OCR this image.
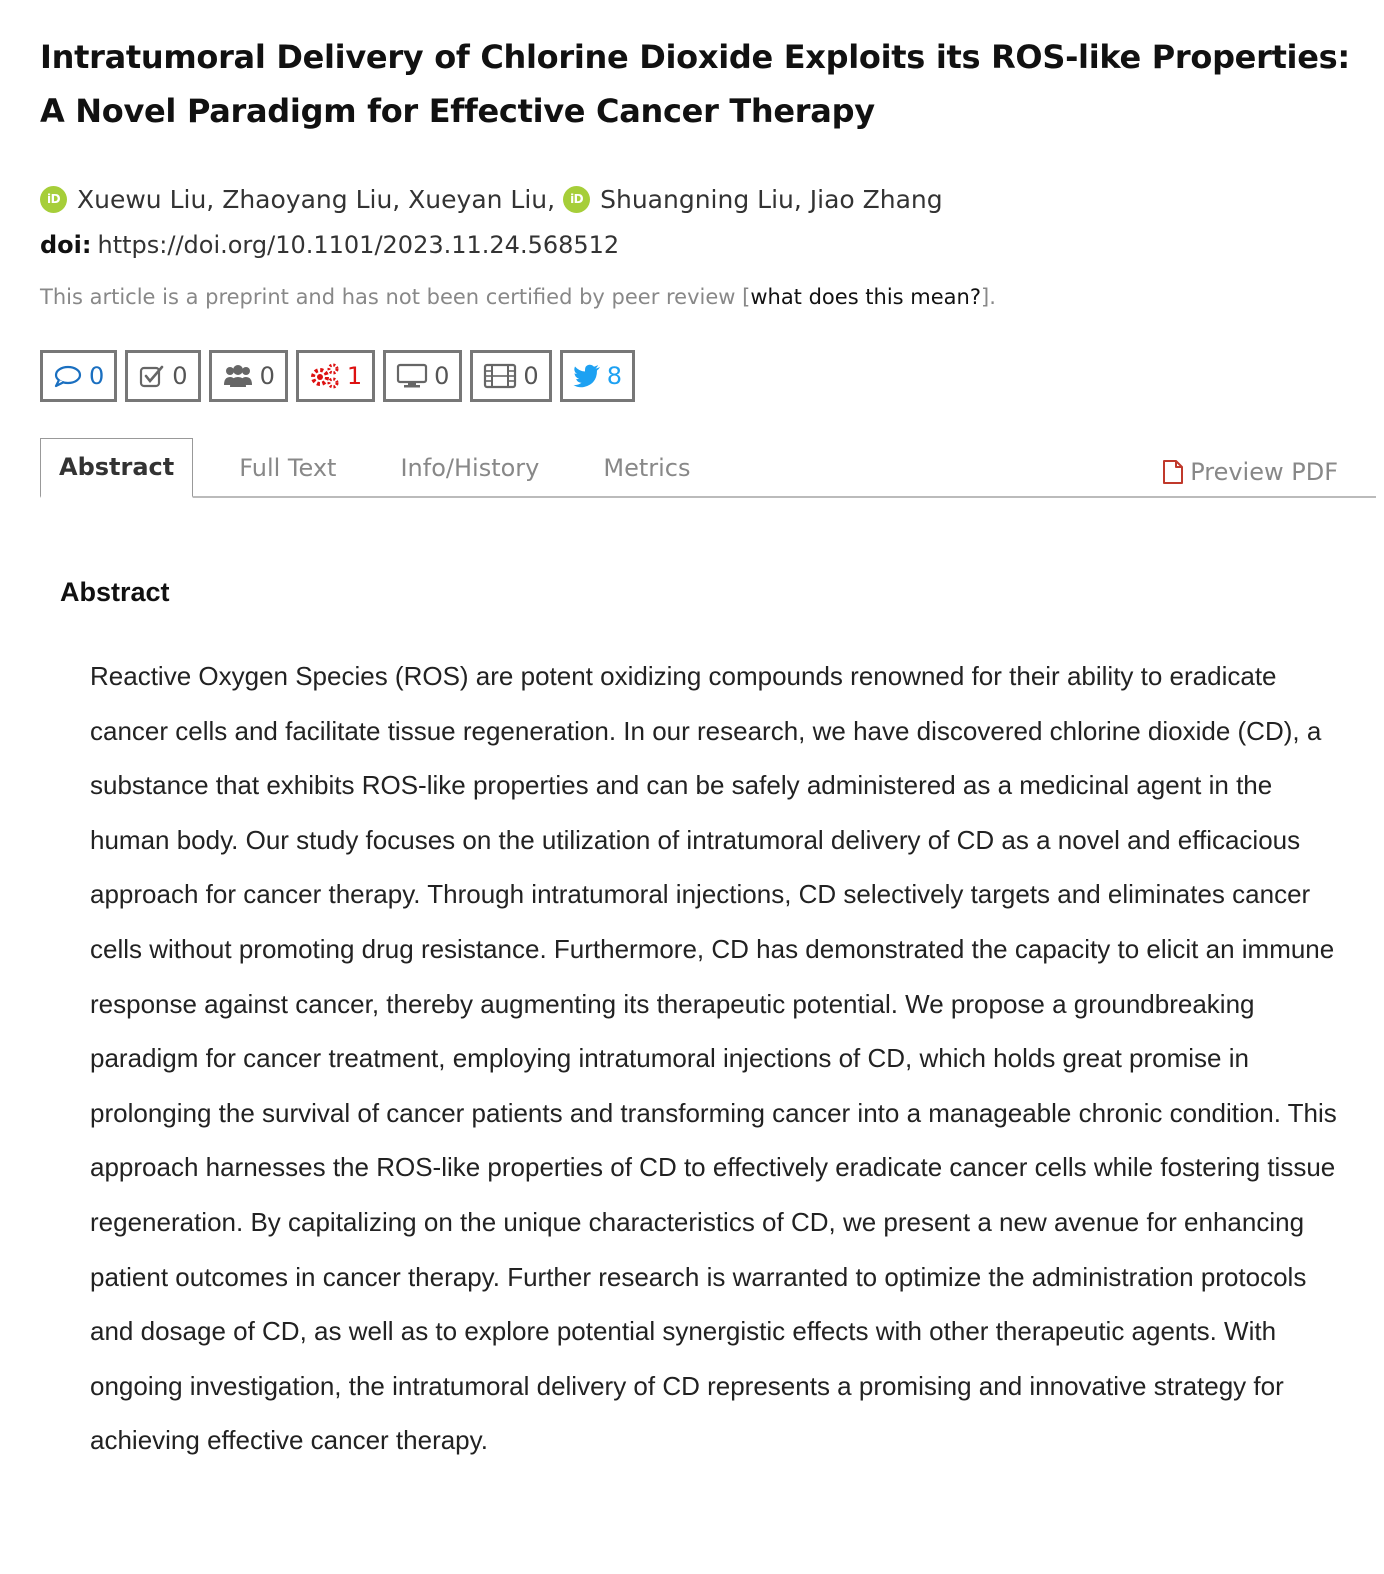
Intratumoral Delivery of Chlorine Dioxide Exploits its ROS-like Properties: A Novel Paradigm for Effective Cancer Therapy
iD Xuewu Liu, Zhaoyang Liu, Xueyan Liu,	iD Shuangning Liu, Jiao Zhang
doi: https://doi.org/10.1101/2023.11.24.568512
This article is a preprint and has not been certified by peer review [what does this mean?].
0	0	0	1	0	0	8
Abstract	Full Text	Info/History	Metrics	Preview PDF
Abstract

Reactive Oxygen Species (ROS) are potent oxidizing compounds renowned for their ability to eradicate cancer cells and facilitate tissue regeneration. In our research, we have discovered chlorine dioxide (CD), a substance that exhibits ROS-like properties and can be safely administered as a medicinal agent in the human body. Our study focuses on the utilization of intratumoral delivery of CD as a novel and efficacious approach for cancer therapy. Through intratumoral injections, CD selectively targets and eliminates cancer cells without promoting drug resistance. Furthermore, CD has demonstrated the capacity to elicit an immune response against cancer, thereby augmenting its therapeutic potential. We propose a groundbreaking paradigm for cancer treatment, employing intratumoral injections of CD, which holds great promise in prolonging the survival of cancer patients and transforming cancer into a manageable chronic condition. This approach harnesses the ROS-like properties of CD to effectively eradicate cancer cells while fostering tissue regeneration. By capitalizing on the unique characteristics of CD, we present a new avenue for enhancing patient outcomes in cancer therapy. Further research is warranted to optimize the administration protocols and dosage of CD, as well as to explore potential synergistic effects with other therapeutic agents. With ongoing investigation, the intratumoral delivery of CD represents a promising and innovative strategy for achieving effective cancer therapy.
